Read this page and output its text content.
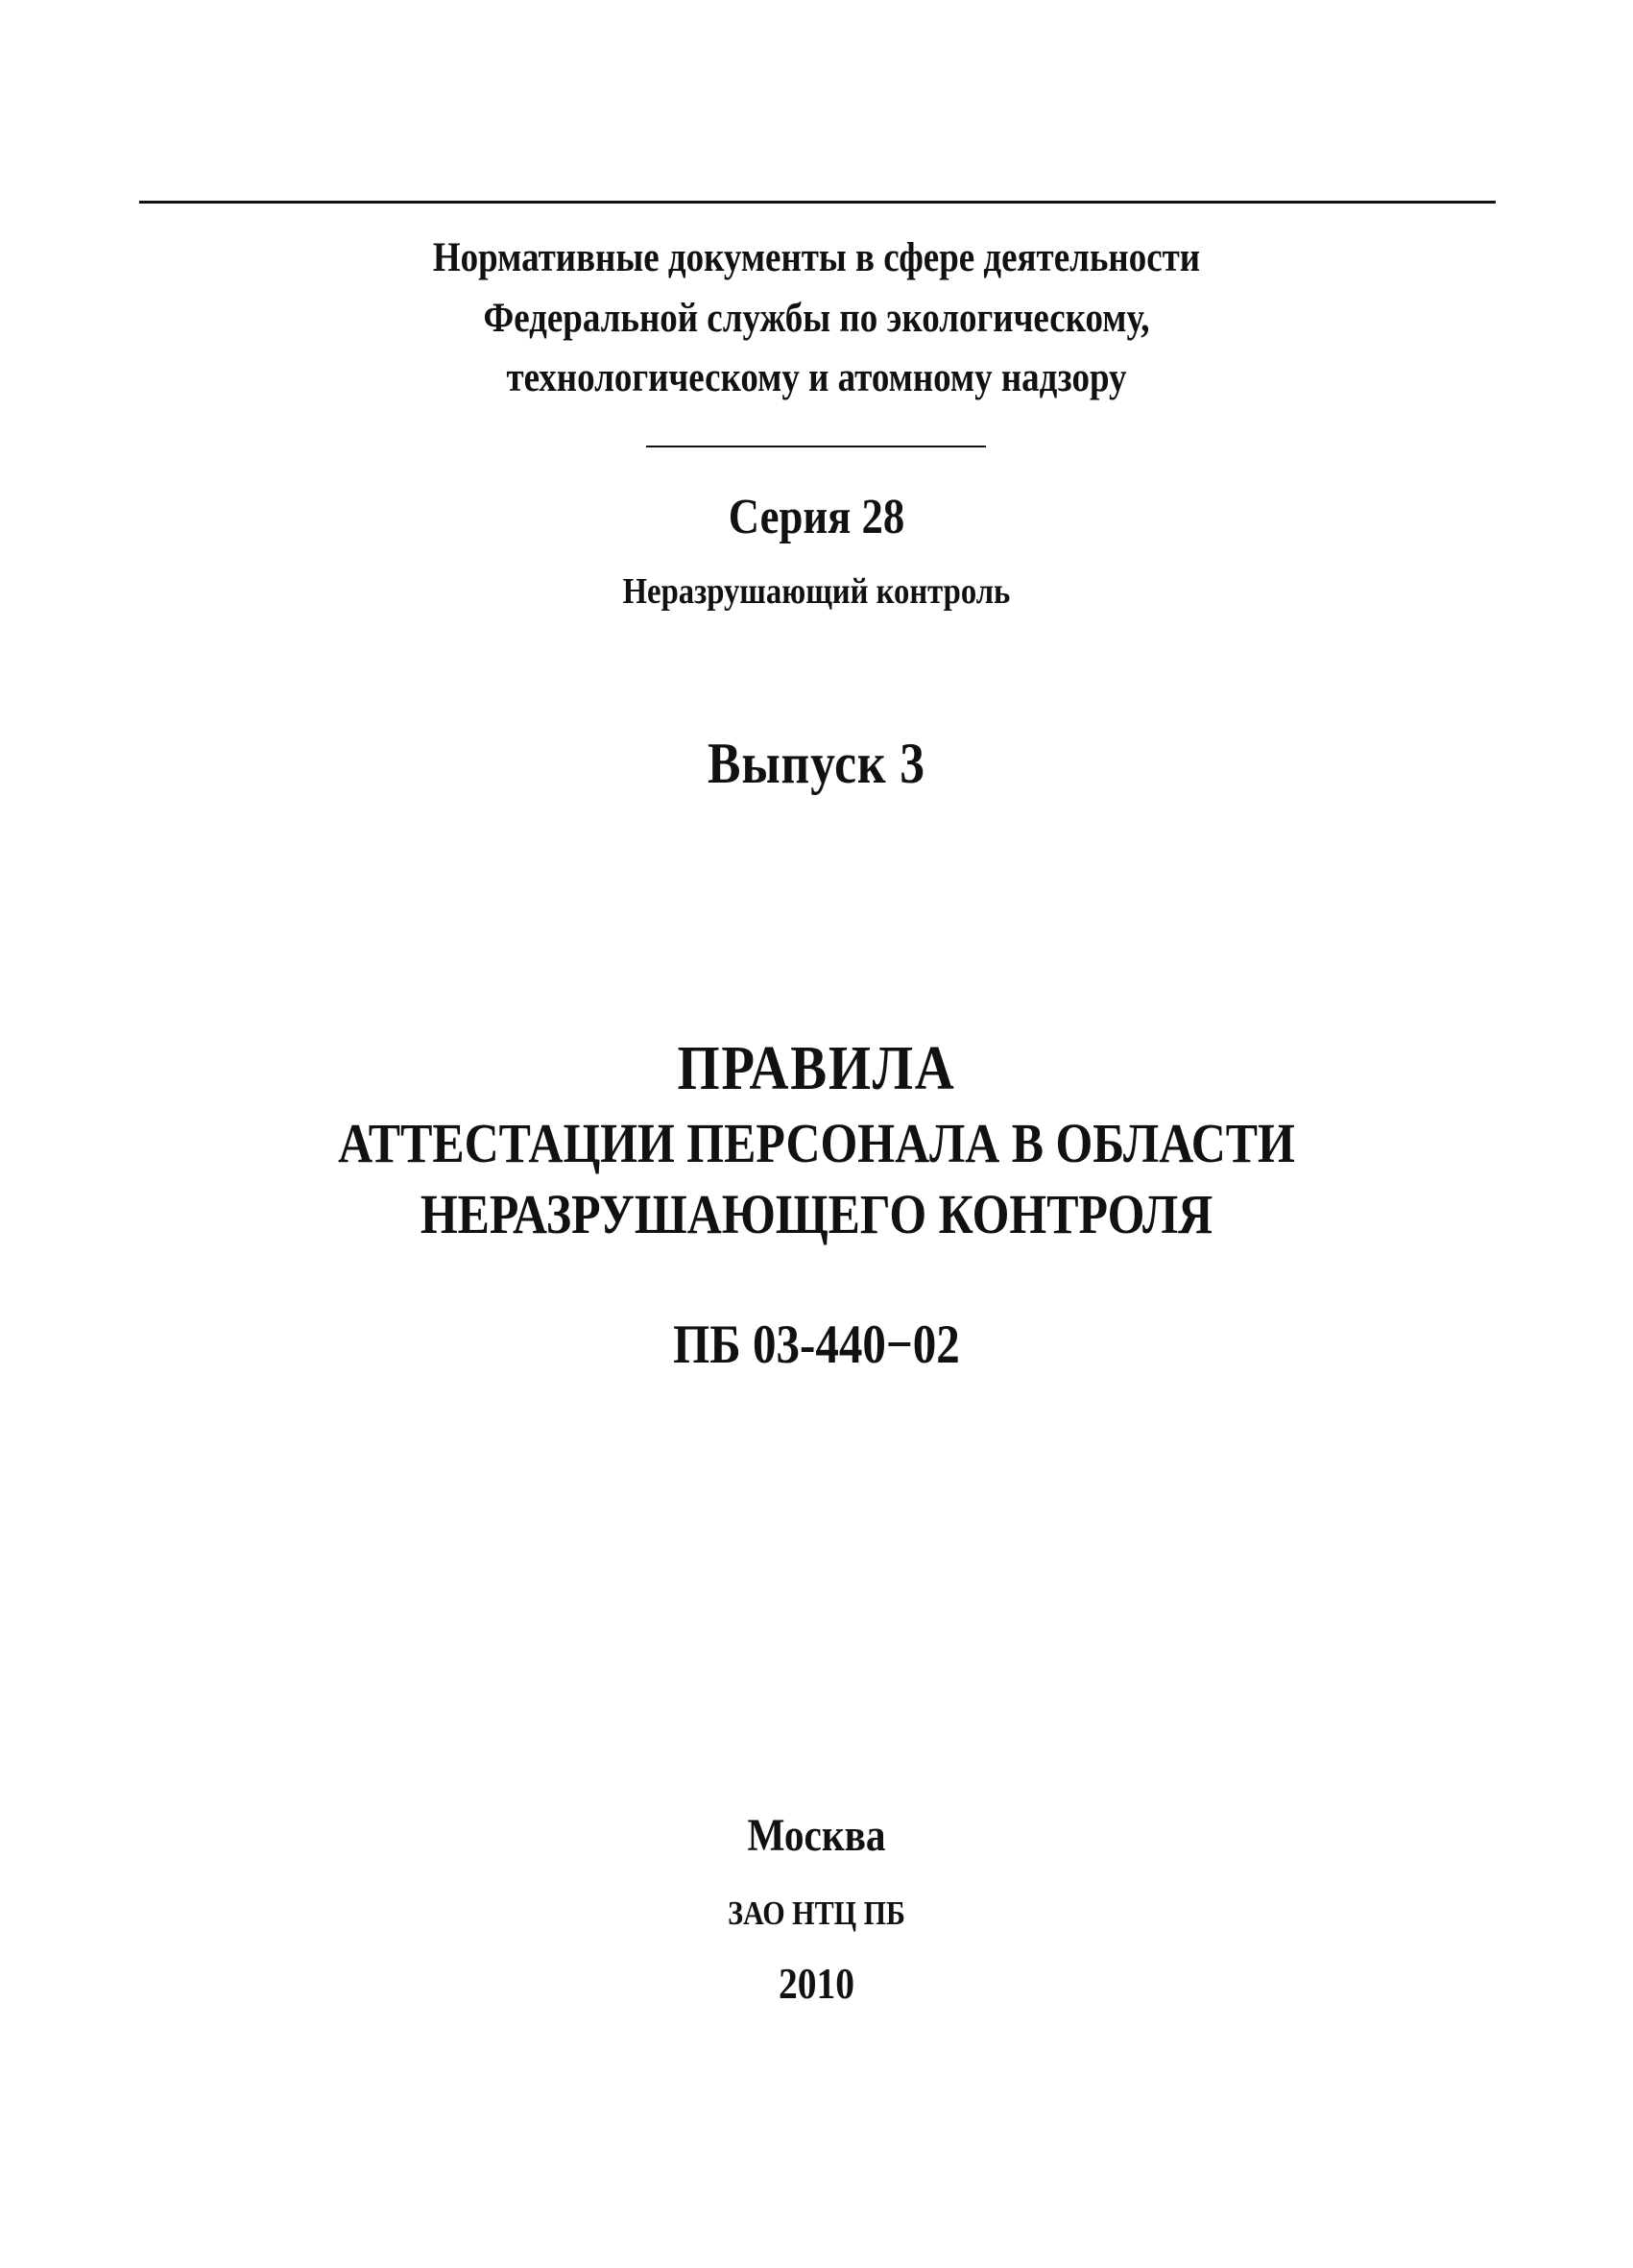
Нормативные документы в сфере деятельности
Федеральной службы по экологическому,
технологическому и атомному надзору
Серия 28
Неразрушающий контроль
Выпуск 3
ПРАВИЛА
АТТЕСТАЦИИ ПЕРСОНАЛА В ОБЛАСТИ
НЕРАЗРУШАЮЩЕГО КОНТРОЛЯ
ПБ 03-440−02
Москва
ЗАО НТЦ ПБ
2010
